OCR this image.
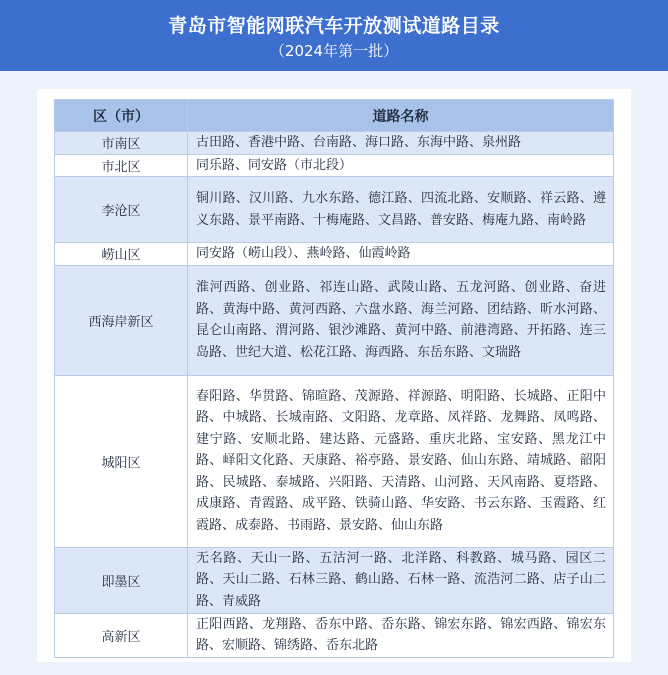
青岛市智能网联汽车开放测试道路目录
（2024年第一批）
区（市）	道路名称
市南区	古田路、香港中路、台南路、海口路、东海中路、泉州路
市北区	同乐路、同安路（市北段）
李沧区	铜川路、汉川路、九水东路、德江路、四流北路、安顺路、祥云路、遵义东路、景平南路、十梅庵路、文昌路、普安路、梅庵九路、南岭路
崂山区	同安路（崂山段）、燕岭路、仙霞岭路
西海岸新区	淮河西路、创业路、祁连山路、武陵山路、五龙河路、创业路、奋进路、黄海中路、黄河西路、六盘水路、海兰河路、团结路、昕水河路、昆仑山南路、渭河路、银沙滩路、黄河中路、前港湾路、开拓路、连三岛路、世纪大道、松花江路、海西路、东岳东路、文瑞路
城阳区	春阳路、华贯路、锦暄路、茂源路、祥源路、明阳路、长城路、正阳中路、中城路、长城南路、文阳路、龙章路、凤祥路、龙舞路、凤鸣路、建宁路、安顺北路、建达路、元盛路、重庆北路、宝安路、黑龙江中路、峄阳文化路、天康路、裕亭路、景安路、仙山东路、靖城路、韶阳路、民城路、泰城路、兴阳路、天清路、山河路、天风南路、夏塔路、成康路、青霞路、成平路、铁骑山路、华安路、书云东路、玉霞路、红霞路、成泰路、书雨路、景安路、仙山东路
即墨区	无名路、天山一路、五沽河一路、北洋路、科教路、城马路、园区二路、天山二路、石林三路、鹤山路、石林一路、流浩河二路、店子山二路、青威路
高新区	正阳西路、龙翔路、岙东中路、岙东路、锦宏东路、锦宏西路、锦宏东路、宏顺路、锦绣路、岙东北路
